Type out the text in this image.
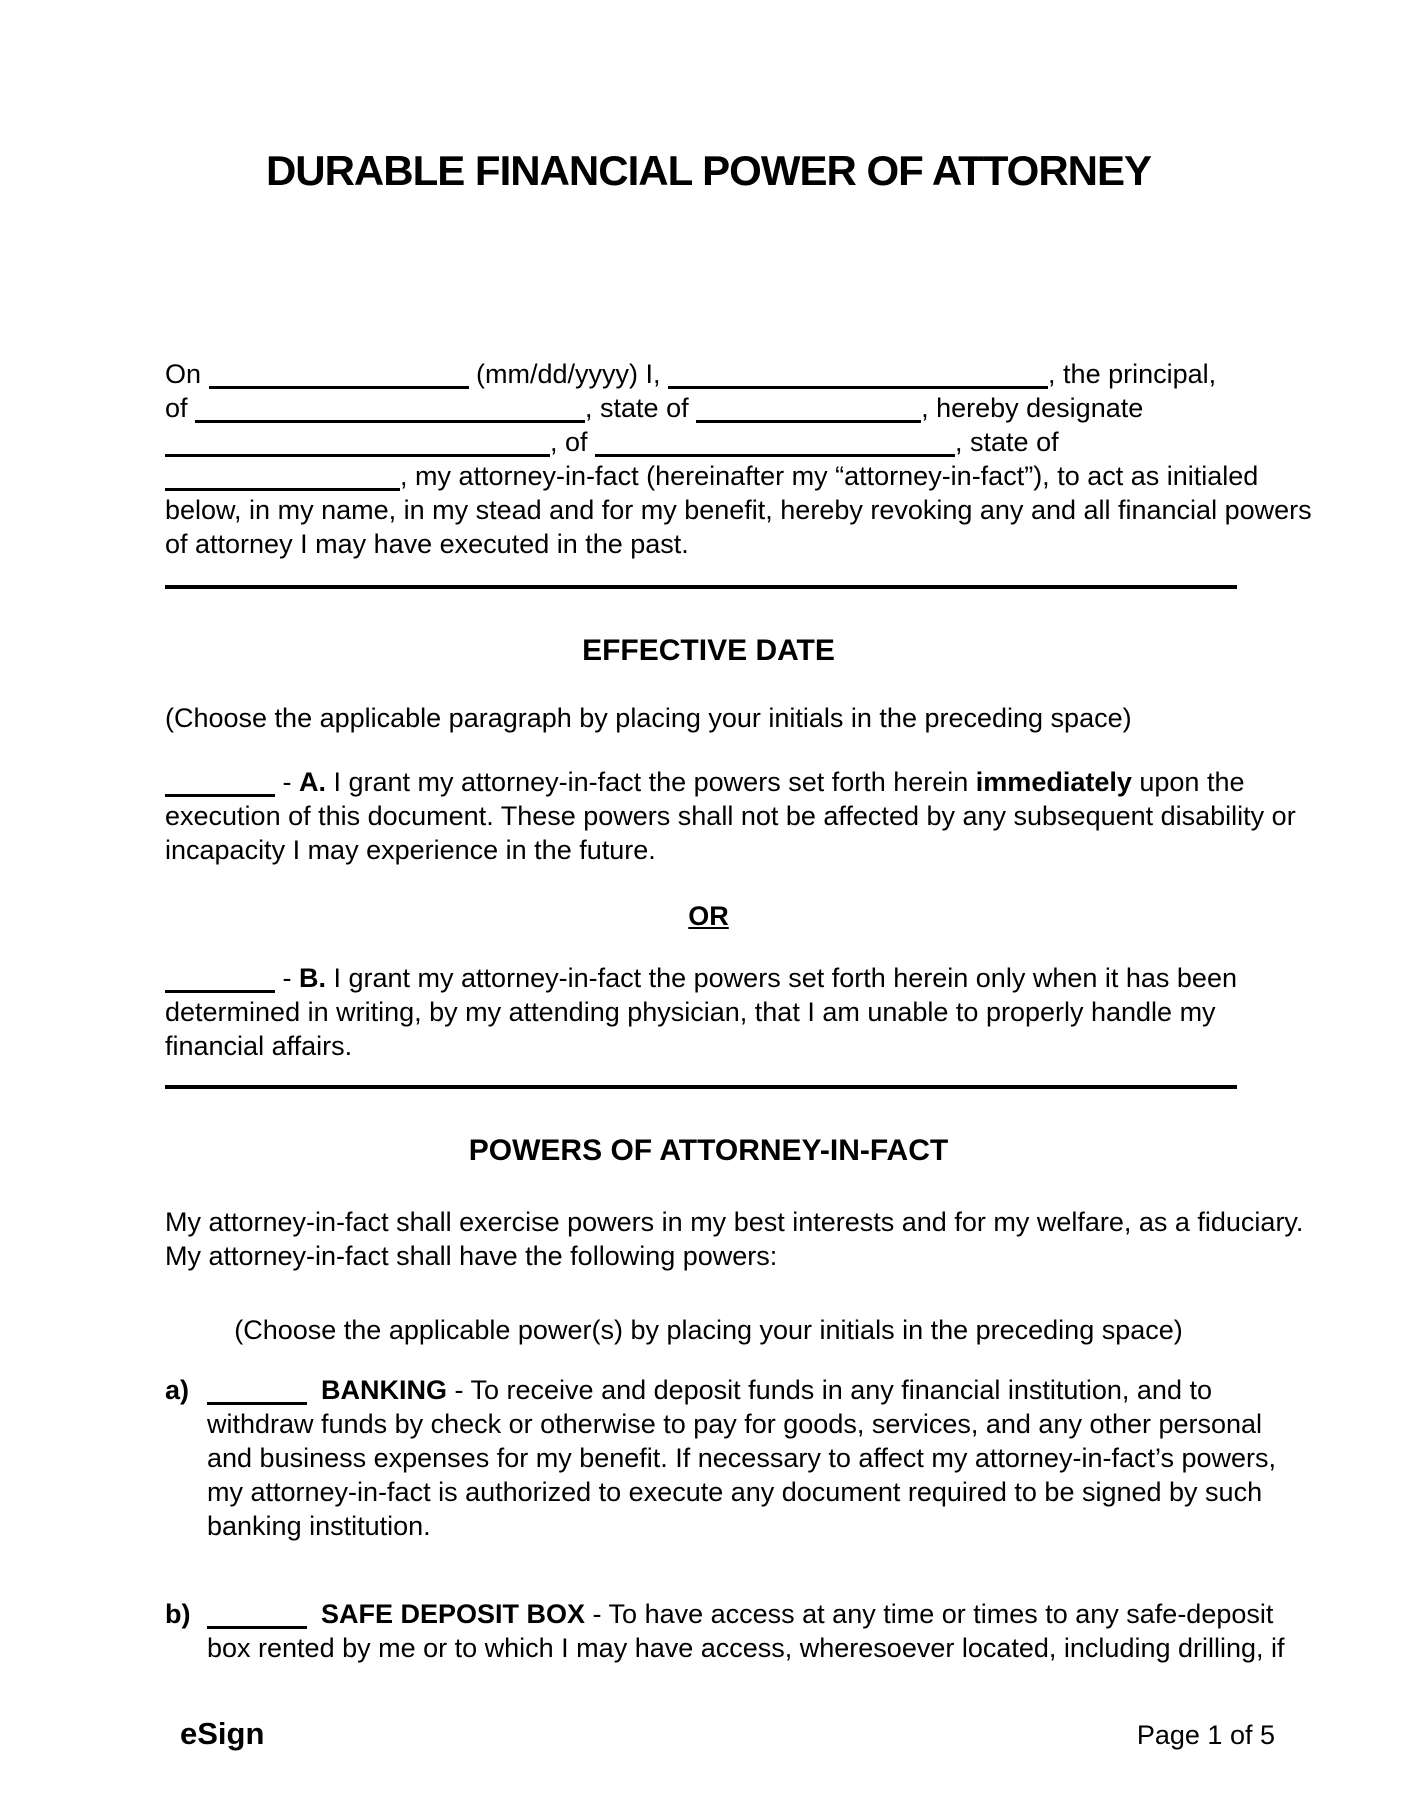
DURABLE FINANCIAL POWER OF ATTORNEY
On	(mm/dd/yyyy) I,	, the principal,
of	, state of	, hereby designate
, of	, state of
, my attorney-in-fact (hereinafter my “attorney-in-fact”), to act as initialed
below, in my name, in my stead and for my benefit, hereby revoking any and all financial powers
of attorney I may have executed in the past.
EFFECTIVE DATE
(Choose the applicable paragraph by placing your initials in the preceding space)
- A. I grant my attorney-in-fact the powers set forth herein immediately upon the
execution of this document. These powers shall not be affected by any subsequent disability or
incapacity I may experience in the future.
OR
- B. I grant my attorney-in-fact the powers set forth herein only when it has been
determined in writing, by my attending physician, that I am unable to properly handle my
financial affairs.
POWERS OF ATTORNEY-IN-FACT
My attorney-in-fact shall exercise powers in my best interests and for my welfare, as a fiduciary.
My attorney-in-fact shall have the following powers:
(Choose the applicable power(s) by placing your initials in the preceding space)
a)	BANKING - To receive and deposit funds in any financial institution, and to
withdraw funds by check or otherwise to pay for goods, services, and any other personal
and business expenses for my benefit. If necessary to affect my attorney-in-fact’s powers,
my attorney-in-fact is authorized to execute any document required to be signed by such
banking institution.
b)	SAFE DEPOSIT BOX - To have access at any time or times to any safe-deposit
box rented by me or to which I may have access, wheresoever located, including drilling, if
eSign	Page 1 of 5
